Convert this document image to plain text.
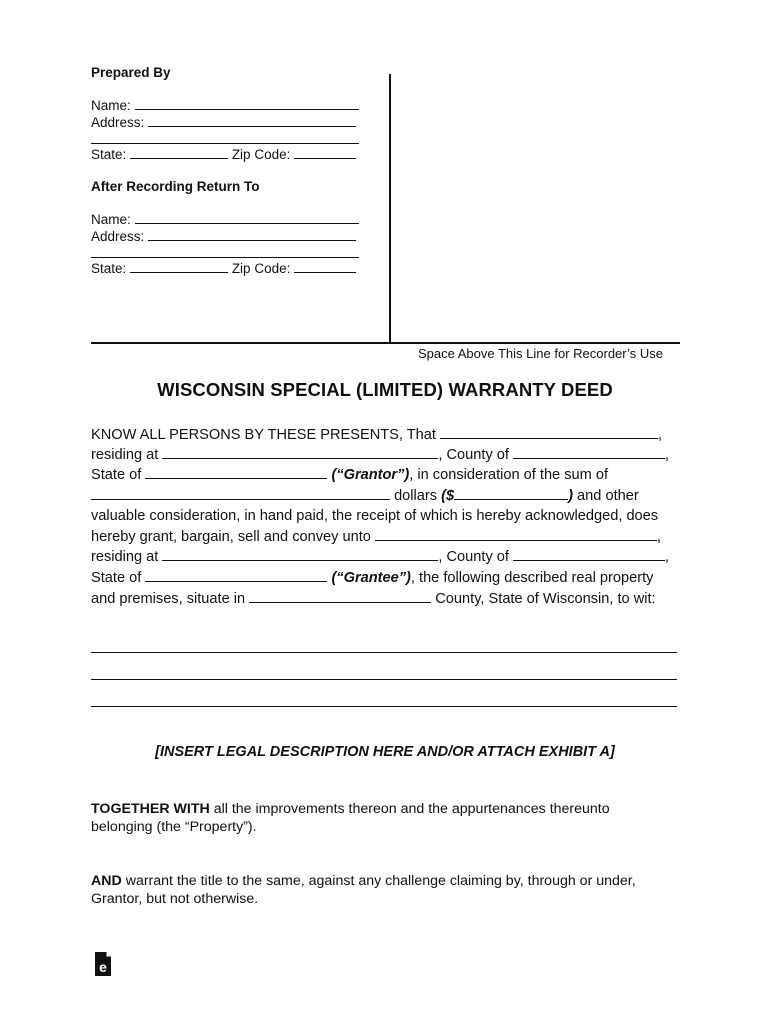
Prepared By
Name:
Address:
State:	Zip Code:
After Recording Return To
Name:
Address:
State:	Zip Code:
Space Above This Line for Recorder’s Use
WISCONSIN SPECIAL (LIMITED) WARRANTY DEED
KNOW ALL PERSONS BY THESE PRESENTS, That	,
residing at	, County of	,
State of	(“Grantor”), in consideration of the sum of
dollars ($	) and other
valuable consideration, in hand paid, the receipt of which is hereby acknowledged, does
hereby grant, bargain, sell and convey unto	,
residing at	, County of	,
State of	(“Grantee”), the following described real property
and premises, situate in	County, State of Wisconsin, to wit:
[INSERT LEGAL DESCRIPTION HERE AND/OR ATTACH EXHIBIT A]
TOGETHER WITH all the improvements thereon and the appurtenances thereunto belonging (the “Property”).
AND warrant the title to the same, against any challenge claiming by, through or under, Grantor, but not otherwise.
e
